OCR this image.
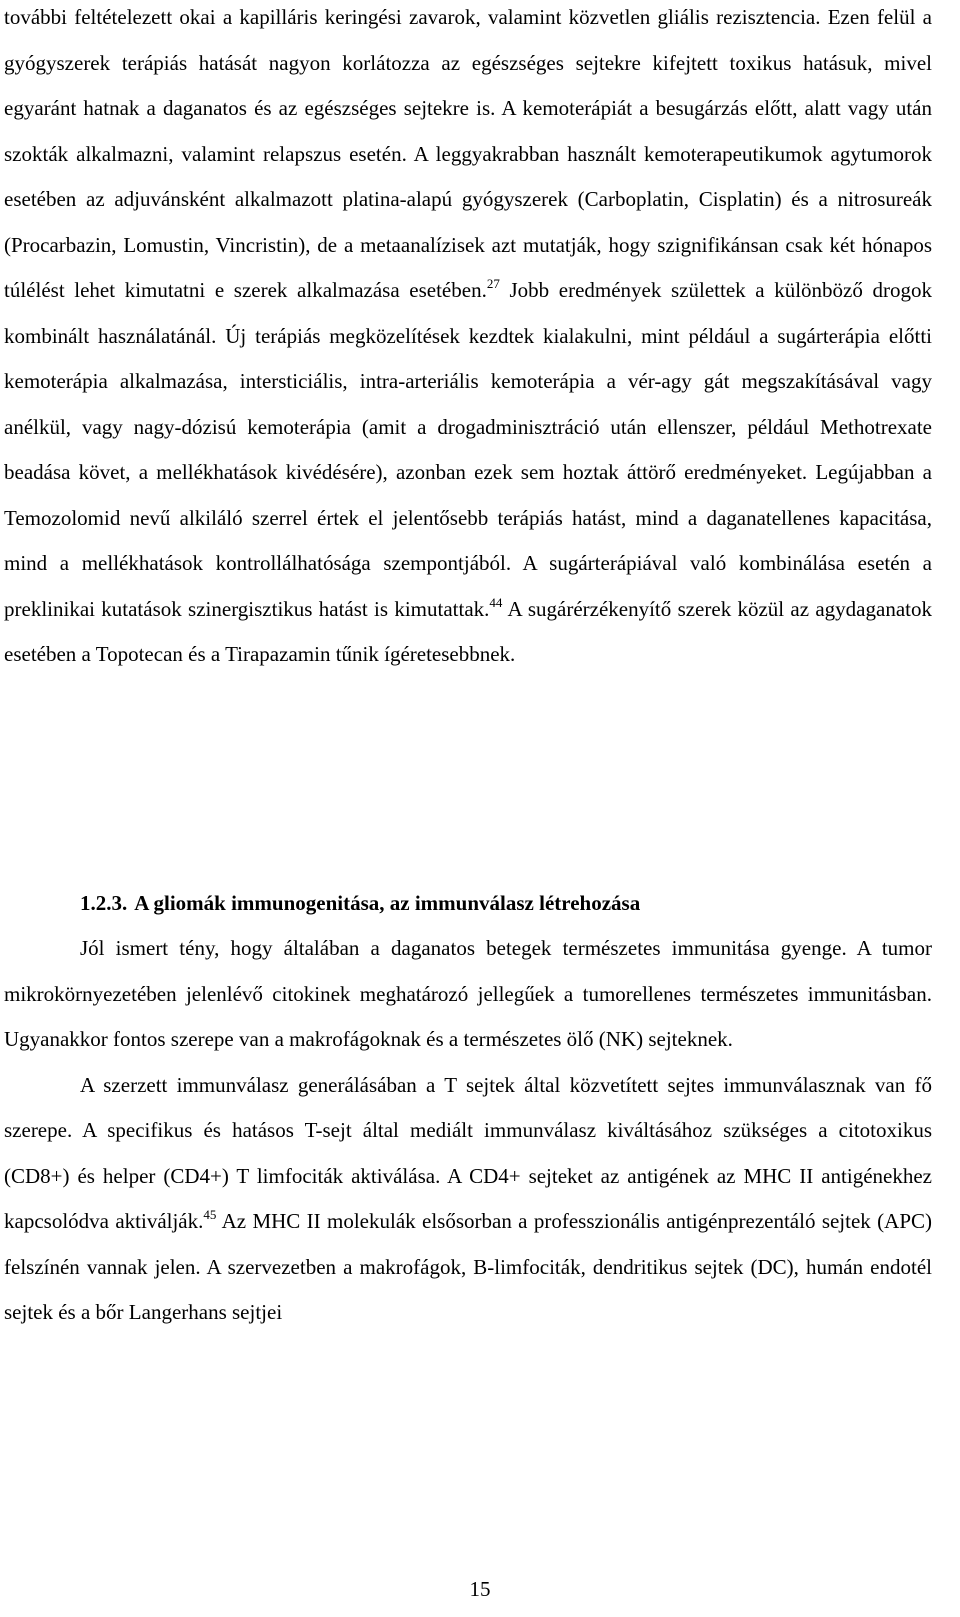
további feltételezett okai a kapilláris keringési zavarok, valamint közvetlen gliális rezisztencia. Ezen felül a gyógyszerek terápiás hatását nagyon korlátozza az egészséges sejtekre kifejtett toxikus hatásuk, mivel egyaránt hatnak a daganatos és az egészséges sejtekre is. A kemoterápiát a besugárzás előtt, alatt vagy után szokták alkalmazni, valamint relapszus esetén. A leggyakrabban használt kemoterapeutikumok agytumorok esetében az adjuvánsként alkalmazott platina-alapú gyógyszerek (Carboplatin, Cisplatin) és a nitrosureák (Procarbazin, Lomustin, Vincristin), de a metaanalízisek azt mutatják, hogy szignifikánsan csak két hónapos túlélést lehet kimutatni e szerek alkalmazása esetében.$^{27}$ Jobb eredmények születtek a különböző drogok kombinált használatánál. Új terápiás megközelítések kezdtek kialakulni, mint például a sugárterápia előtti kemoterápia alkalmazása, intersticiális, intra-arteriális kemoterápia a vér-agy gát megszakításával vagy anélkül, vagy nagy-dózisú kemoterápia (amit a drogadminisztráció után ellenszer, például Methotrexate beadása követ, a mellékhatások kivédésére), azonban ezek sem hoztak áttörő eredményeket. Legújabban a Temozolomid nevű alkiláló szerrel értek el jelentősebb terápiás hatást, mind a daganatellenes kapacitása, mind a mellékhatások kontrollálhatósága szempontjából. A sugárterápiával való kombinálása esetén a preklinikai kutatások szinergisztikus hatást is kimutattak.$^{44}$ A sugárérzékenyítő szerek közül az agydaganatok esetében a Topotecan és a Tirapazamin tűnik ígéretesebbnek.

1.2.3. A gliomák immunogenitása, az immunválasz létrehozása

Jól ismert tény, hogy általában a daganatos betegek természetes immunitása gyenge. A tumor mikrokörnyezetében jelenlévő citokinek meghatározó jellegűek a tumorellenes természetes immunitásban. Ugyanakkor fontos szerepe van a makrofágoknak és a természetes ölő (NK) sejteknek.

A szerzett immunválasz generálásában a T sejtek által közvetített sejtes immunválasznak van fő szerepe. A specifikus és hatásos T-sejt által mediált immunválasz kiváltásához szükséges a citotoxikus (CD8+) és helper (CD4+) T limfociták aktiválása. A CD4+ sejteket az antigének az MHC II antigénekhez kapcsolódva aktiválják.$^{45}$ Az MHC II molekulák elsősorban a professzionális antigénprezentáló sejtek (APC) felszínén vannak jelen. A szervezetben a makrofágok, B-limfociták, dendritikus sejtek (DC), humán endotél sejtek és a bőr Langerhans sejtjei

15
